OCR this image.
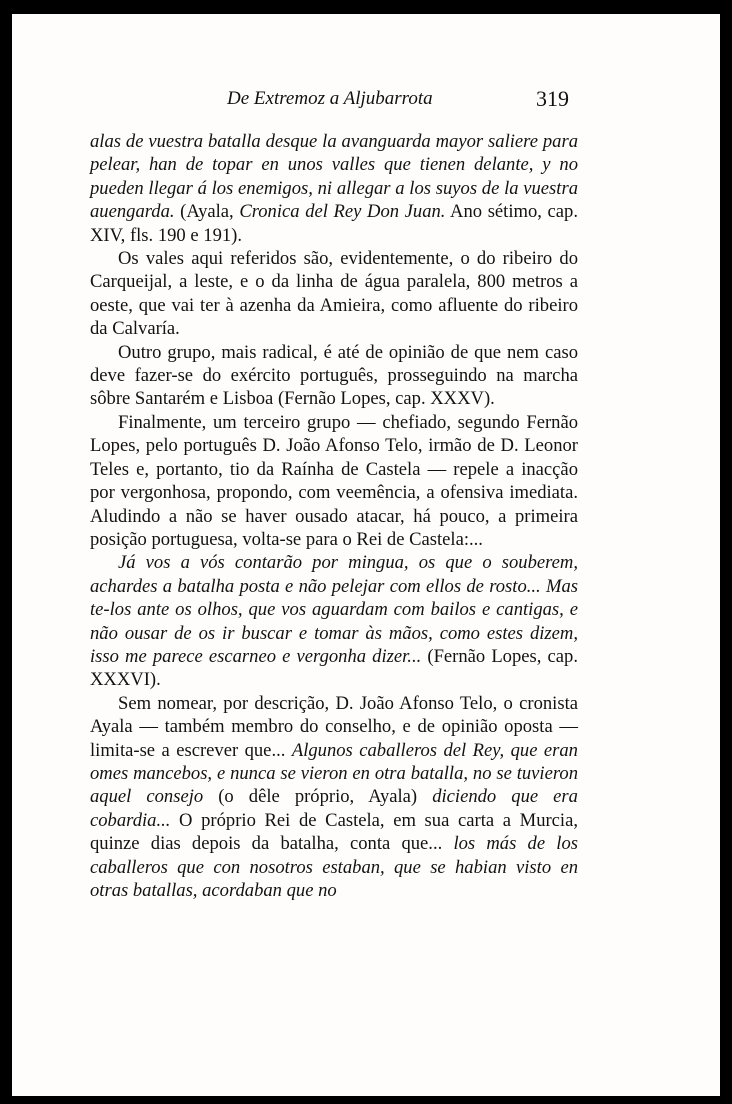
De Extremoz a Aljubarrota	319

alas de vuestra batalla desque la avanguarda mayor saliere para pelear, han de topar en unos valles que tienen delante, y no pueden llegar á los enemigos, ni allegar a los suyos de la vuestra auengarda. (Ayala, Cronica del Rey Don Juan. Ano sétimo, cap. XIV, fls. 190 e 191).

Os vales aqui referidos são, evidentemente, o do ribeiro do Carqueijal, a leste, e o da linha de água paralela, 800 metros a oeste, que vai ter à azenha da Amieira, como afluente do ribeiro da Calvaría.

Outro grupo, mais radical, é até de opinião de que nem caso deve fazer-se do exército português, prosseguindo na marcha sôbre Santarém e Lisboa (Fernão Lopes, cap. XXXV).

Finalmente, um terceiro grupo — chefiado, segundo Fernão Lopes, pelo português D. João Afonso Telo, irmão de D. Leonor Teles e, portanto, tio da Raínha de Castela — repele a inacção por vergonhosa, propondo, com veemência, a ofensiva imediata. Aludindo a não se haver ousado atacar, há pouco, a primeira posição portuguesa, volta-se para o Rei de Castela:...

Já vos a vós contarão por mingua, os que o souberem, achardes a batalha posta e não pelejar com ellos de rosto... Mas te-los ante os olhos, que vos aguardam com bailos e cantigas, e não ousar de os ir buscar e tomar às mãos, como estes dizem, isso me parece escarneo e vergonha dizer... (Fernão Lopes, cap. XXXVI).

Sem nomear, por descrição, D. João Afonso Telo, o cronista Ayala — também membro do conselho, e de opinião oposta — limita-se a escrever que... Algunos caballeros del Rey, que eran omes mancebos, e nunca se vieron en otra batalla, no se tuvieron aquel consejo (o dêle próprio, Ayala) diciendo que era cobardia... O próprio Rei de Castela, em sua carta a Murcia, quinze dias depois da batalha, conta que... los más de los caballeros que con nosotros estaban, que se habian visto en otras batallas, acordaban que no
